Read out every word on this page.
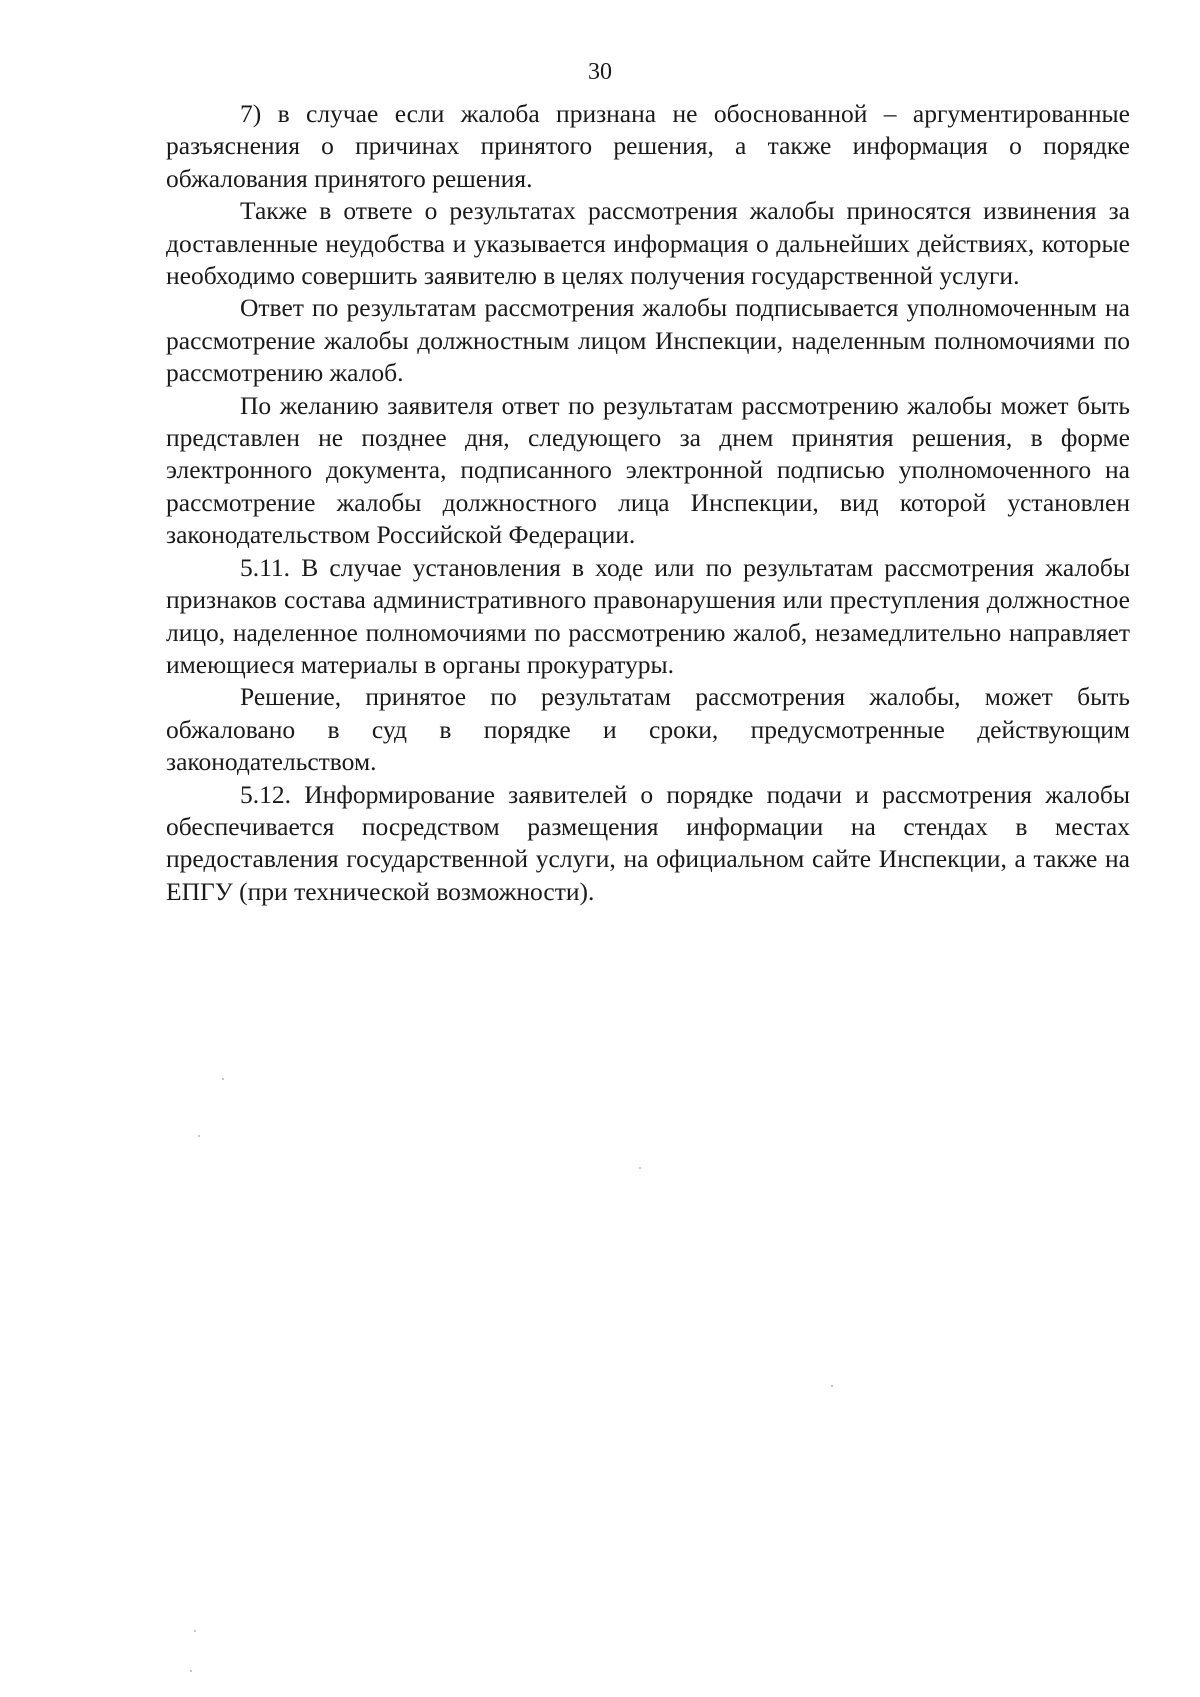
30

7) в случае если жалоба признана не обоснованной – аргументированные разъяснения о причинах принятого решения, а также информация о порядке обжалования принятого решения.

Также в ответе о результатах рассмотрения жалобы приносятся извинения за доставленные неудобства и указывается информация о дальнейших действиях, которые необходимо совершить заявителю в целях получения государственной услуги.

Ответ по результатам рассмотрения жалобы подписывается уполномоченным на рассмотрение жалобы должностным лицом Инспекции, наделенным полномочиями по рассмотрению жалоб.

По желанию заявителя ответ по результатам рассмотрению жалобы может быть представлен не позднее дня, следующего за днем принятия решения, в форме электронного документа, подписанного электронной подписью уполномоченного на рассмотрение жалобы должностного лица Инспекции, вид которой установлен законодательством Российской Федерации.

5.11. В случае установления в ходе или по результатам рассмотрения жалобы признаков состава административного правонарушения или преступления должностное лицо, наделенное полномочиями по рассмотрению жалоб, незамедлительно направляет имеющиеся материалы в органы прокуратуры.

Решение, принятое по результатам рассмотрения жалобы, может быть обжаловано в суд в порядке и сроки, предусмотренные действующим законодательством.

5.12. Информирование заявителей о порядке подачи и рассмотрения жалобы обеспечивается посредством размещения информации на стендах в местах предоставления государственной услуги, на официальном сайте Инспекции, а также на ЕПГУ (при технической возможности).
